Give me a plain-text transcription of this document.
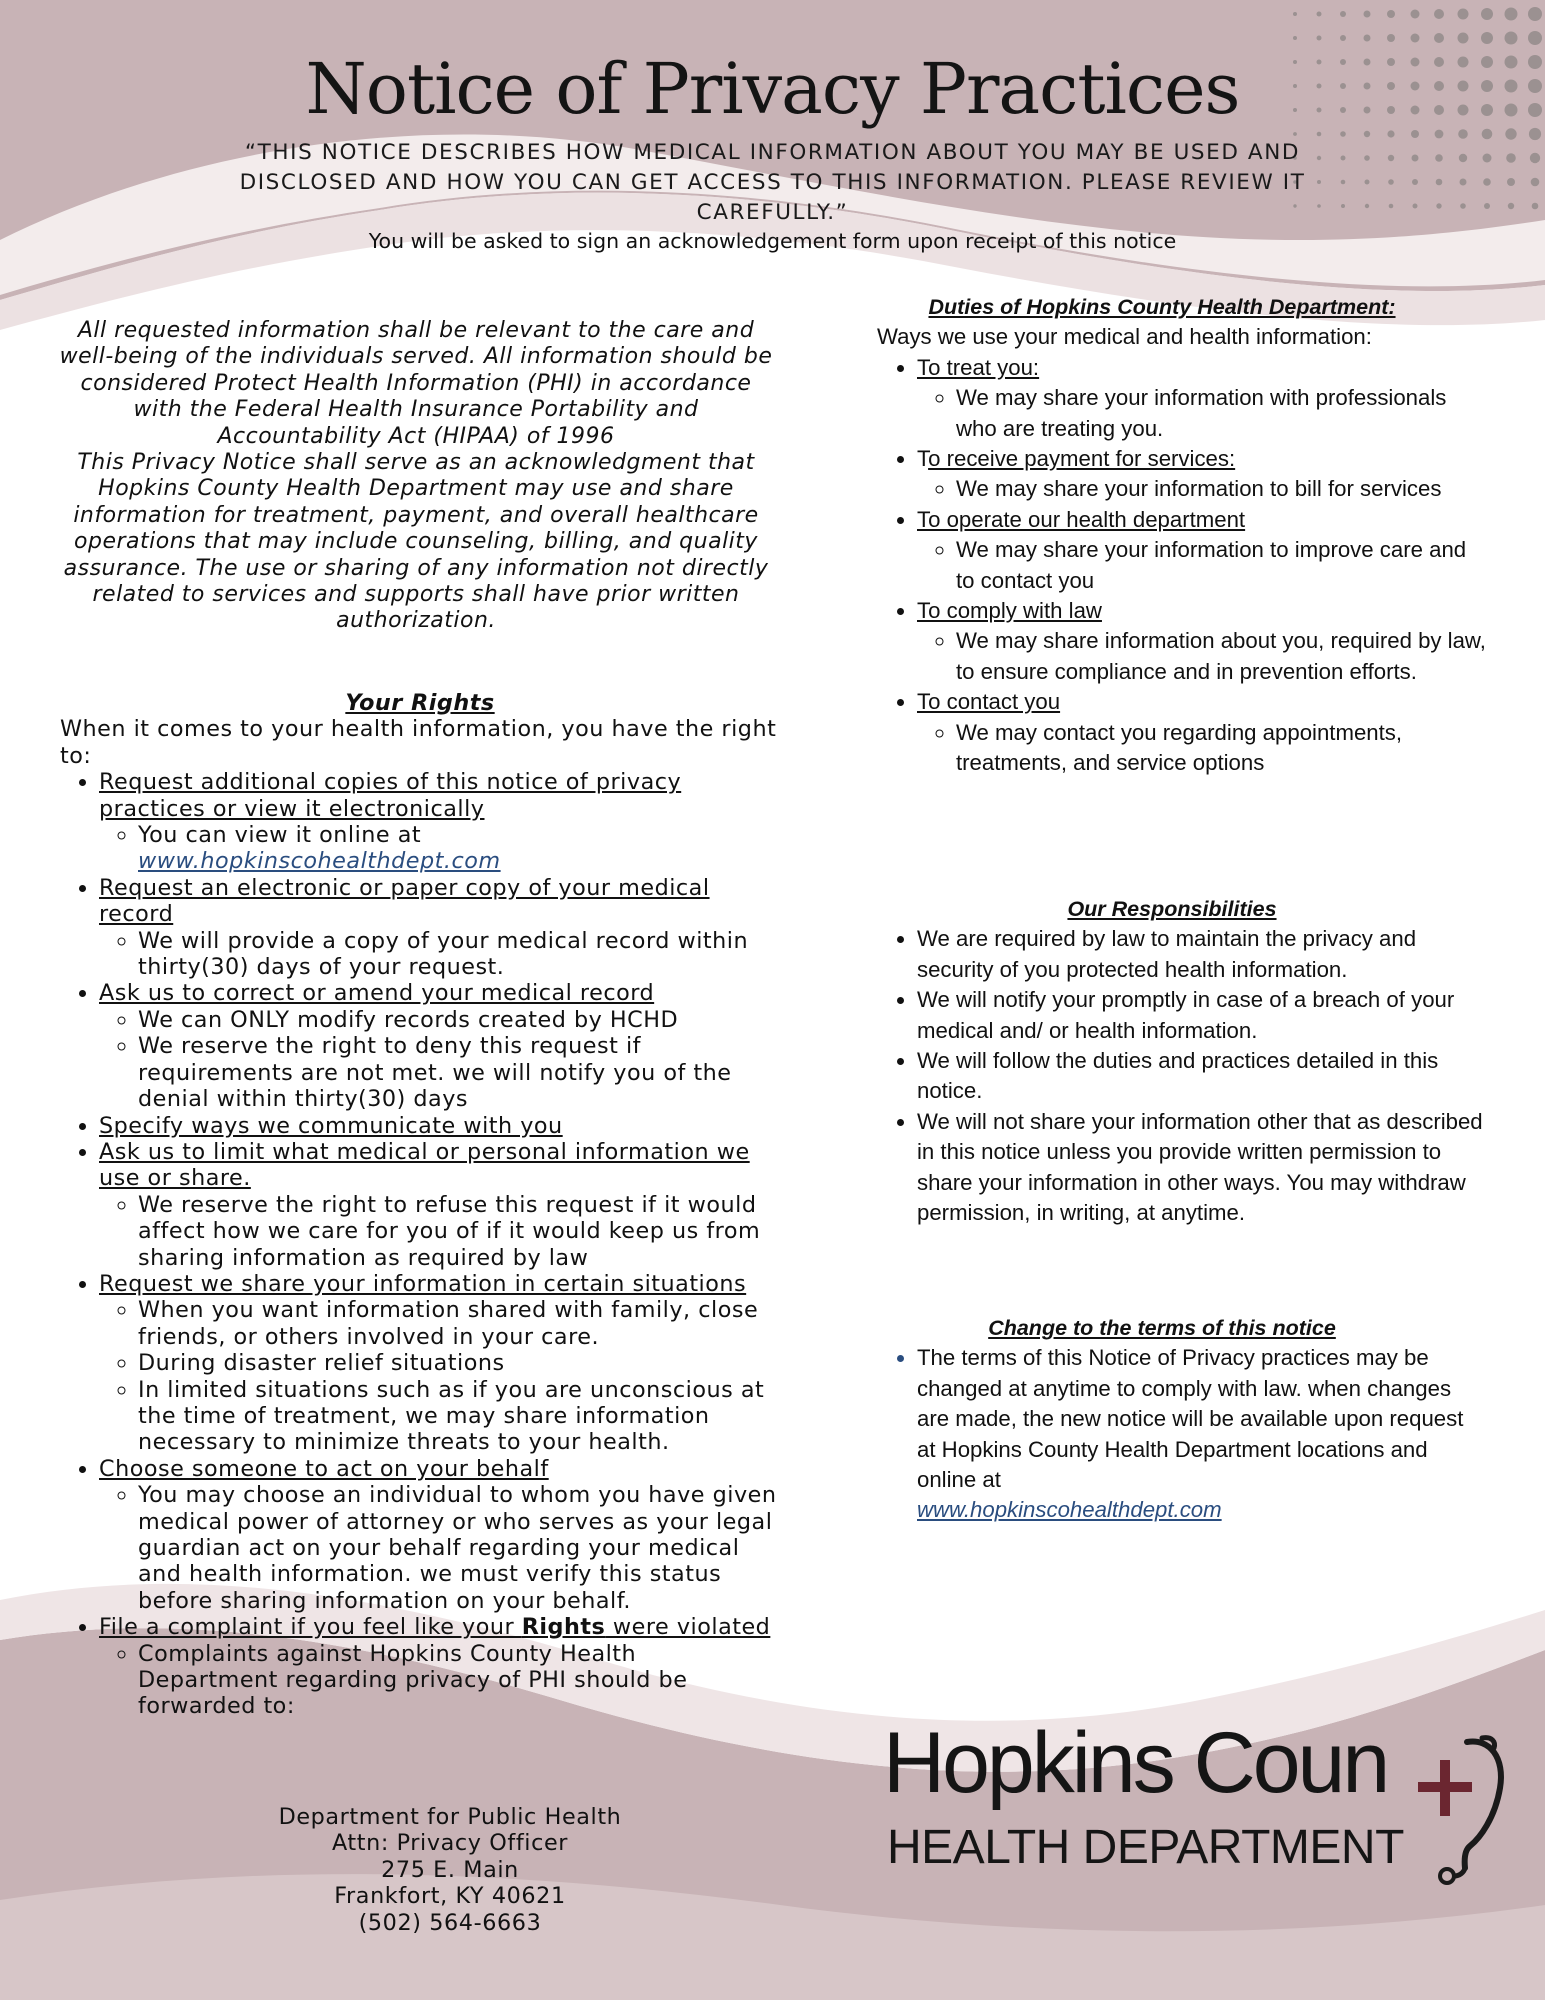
Notice of Privacy Practices
“THIS NOTICE DESCRIBES HOW MEDICAL INFORMATION ABOUT YOU MAY BE USED AND
DISCLOSED AND HOW YOU CAN GET ACCESS TO THIS INFORMATION. PLEASE REVIEW IT
CAREFULLY.”
You will be asked to sign an acknowledgement form upon receipt of this notice

All requested information shall be relevant to the care and well-being of the individuals served. All information should be considered Protect Health Information (PHI) in accordance with the Federal Health Insurance Portability and Accountability Act (HIPAA) of 1996

This Privacy Notice shall serve as an acknowledgment that Hopkins County Health Department may use and share information for treatment, payment, and overall healthcare operations that may include counseling, billing, and quality assurance. The use or sharing of any information not directly related to services and supports shall have prior written authorization.

Your Rights

When it comes to your health information, you have the right to:

• Request additional copies of this notice of privacy practices or view it electronically
◦ You can view it online at
www.hopkinscohealthdept.com
• Request an electronic or paper copy of your medical record
◦ We will provide a copy of your medical record within thirty(30) days of your request.
• Ask us to correct or amend your medical record
◦ We can ONLY modify records created by HCHD
◦ We reserve the right to deny this request if requirements are not met. we will notify you of the denial within thirty(30) days
• Specify ways we communicate with you
• Ask us to limit what medical or personal information we use or share.
◦ We reserve the right to refuse this request if it would affect how we care for you of if it would keep us from sharing information as required by law
• Request we share your information in certain situations
◦ When you want information shared with family, close friends, or others involved in your care.
◦ During disaster relief situations
◦ In limited situations such as if you are unconscious at the time of treatment, we may share information necessary to minimize threats to your health.
• Choose someone to act on your behalf
◦ You may choose an individual to whom you have given medical power of attorney or who serves as your legal guardian act on your behalf regarding your medical and health information. we must verify this status before sharing information on your behalf.
• File a complaint if you feel like your Rights were violated
◦ Complaints against Hopkins County Health Department regarding privacy of PHI should be forwarded to:

Department for Public Health

Attn: Privacy Officer

275 E. Main

Frankfort, KY 40621

(502) 564-6663

Duties of Hopkins County Health Department:

Ways we use your medical and health information:

• To treat you:
◦ We may share your information with professionals who are treating you.
• To receive payment for services:
◦ We may share your information to bill for services
• To operate our health department
◦ We may share your information to improve care and to contact you
• To comply with law
◦ We may share information about you, required by law, to ensure compliance and in prevention efforts.
• To contact you
◦ We may contact you regarding appointments, treatments, and service options
Our Responsibilities
• We are required by law to maintain the privacy and security of you protected health information.
• We will notify your promptly in case of a breach of your medical and/ or health information.
• We will follow the duties and practices detailed in this notice.
• We will not share your information other that as described in this notice unless you provide written permission to share your information in other ways. You may withdraw permission, in writing, at anytime.
Change to the terms of this notice
• The terms of this Notice of Privacy practices may be changed at anytime to comply with law. when changes are made, the new notice will be available upon request at Hopkins County Health Department locations and online at
www.hopkinscohealthdept.com
Hopkins Coun
HEALTH DEPARTMENT
